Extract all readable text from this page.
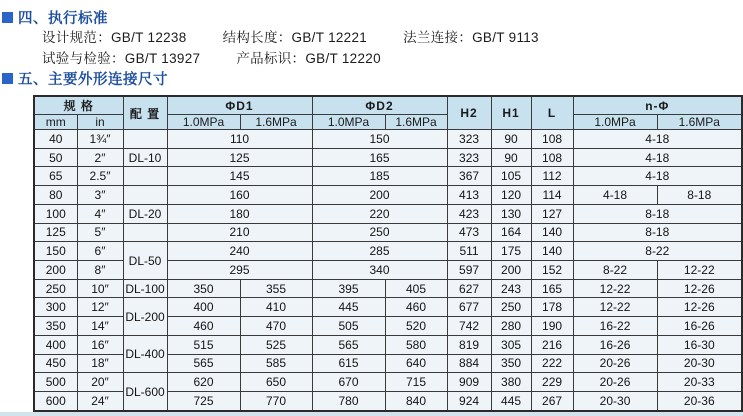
四、执行标准
设计规范：GB/T 12238	结构长度：GB/T 12221	法兰连接：GB/T 9113
试验与检验：GB/T 13927	产品标识：GB/T 12220
五、主要外形连接尺寸
规 格		配 置	ΦD1		ΦD2		H2	H1	L	n-Φ	
mm	in		1.0MPa	1.6MPa	1.0MPa	1.6MPa				1.0MPa	1.6MPa
40	1¾″		110		150		323	90	108	4-18	
50	2″	DL-10	125		165		323	90	108	4-18	
65	2.5″		145		185		367	105	112	4-18	
80	3″		160		200		413	120	114	4-18	8-18
100	4″	DL-20	180		220		423	130	127	8-18	
125	5″		210		250		473	164	140	8-18	
150	6″	DL-50	240		285		511	175	140	8-22	
200	8″		295		340		597	200	152	8-22	12-22
250	10″	DL-100	350	355	395	405	627	243	165	12-22	12-26
300	12″	DL-200	400	410	445	460	677	250	178	12-22	12-26
350	14″		460	470	505	520	742	280	190	16-22	16-26
400	16″	DL-400	515	525	565	580	819	305	216	16-26	16-30
450	18″		565	585	615	640	884	350	222	20-26	20-30
500	20″	DL-600	620	650	670	715	909	380	229	20-26	20-33
600	24″		725	770	780	840	924	445	267	20-30	20-36
